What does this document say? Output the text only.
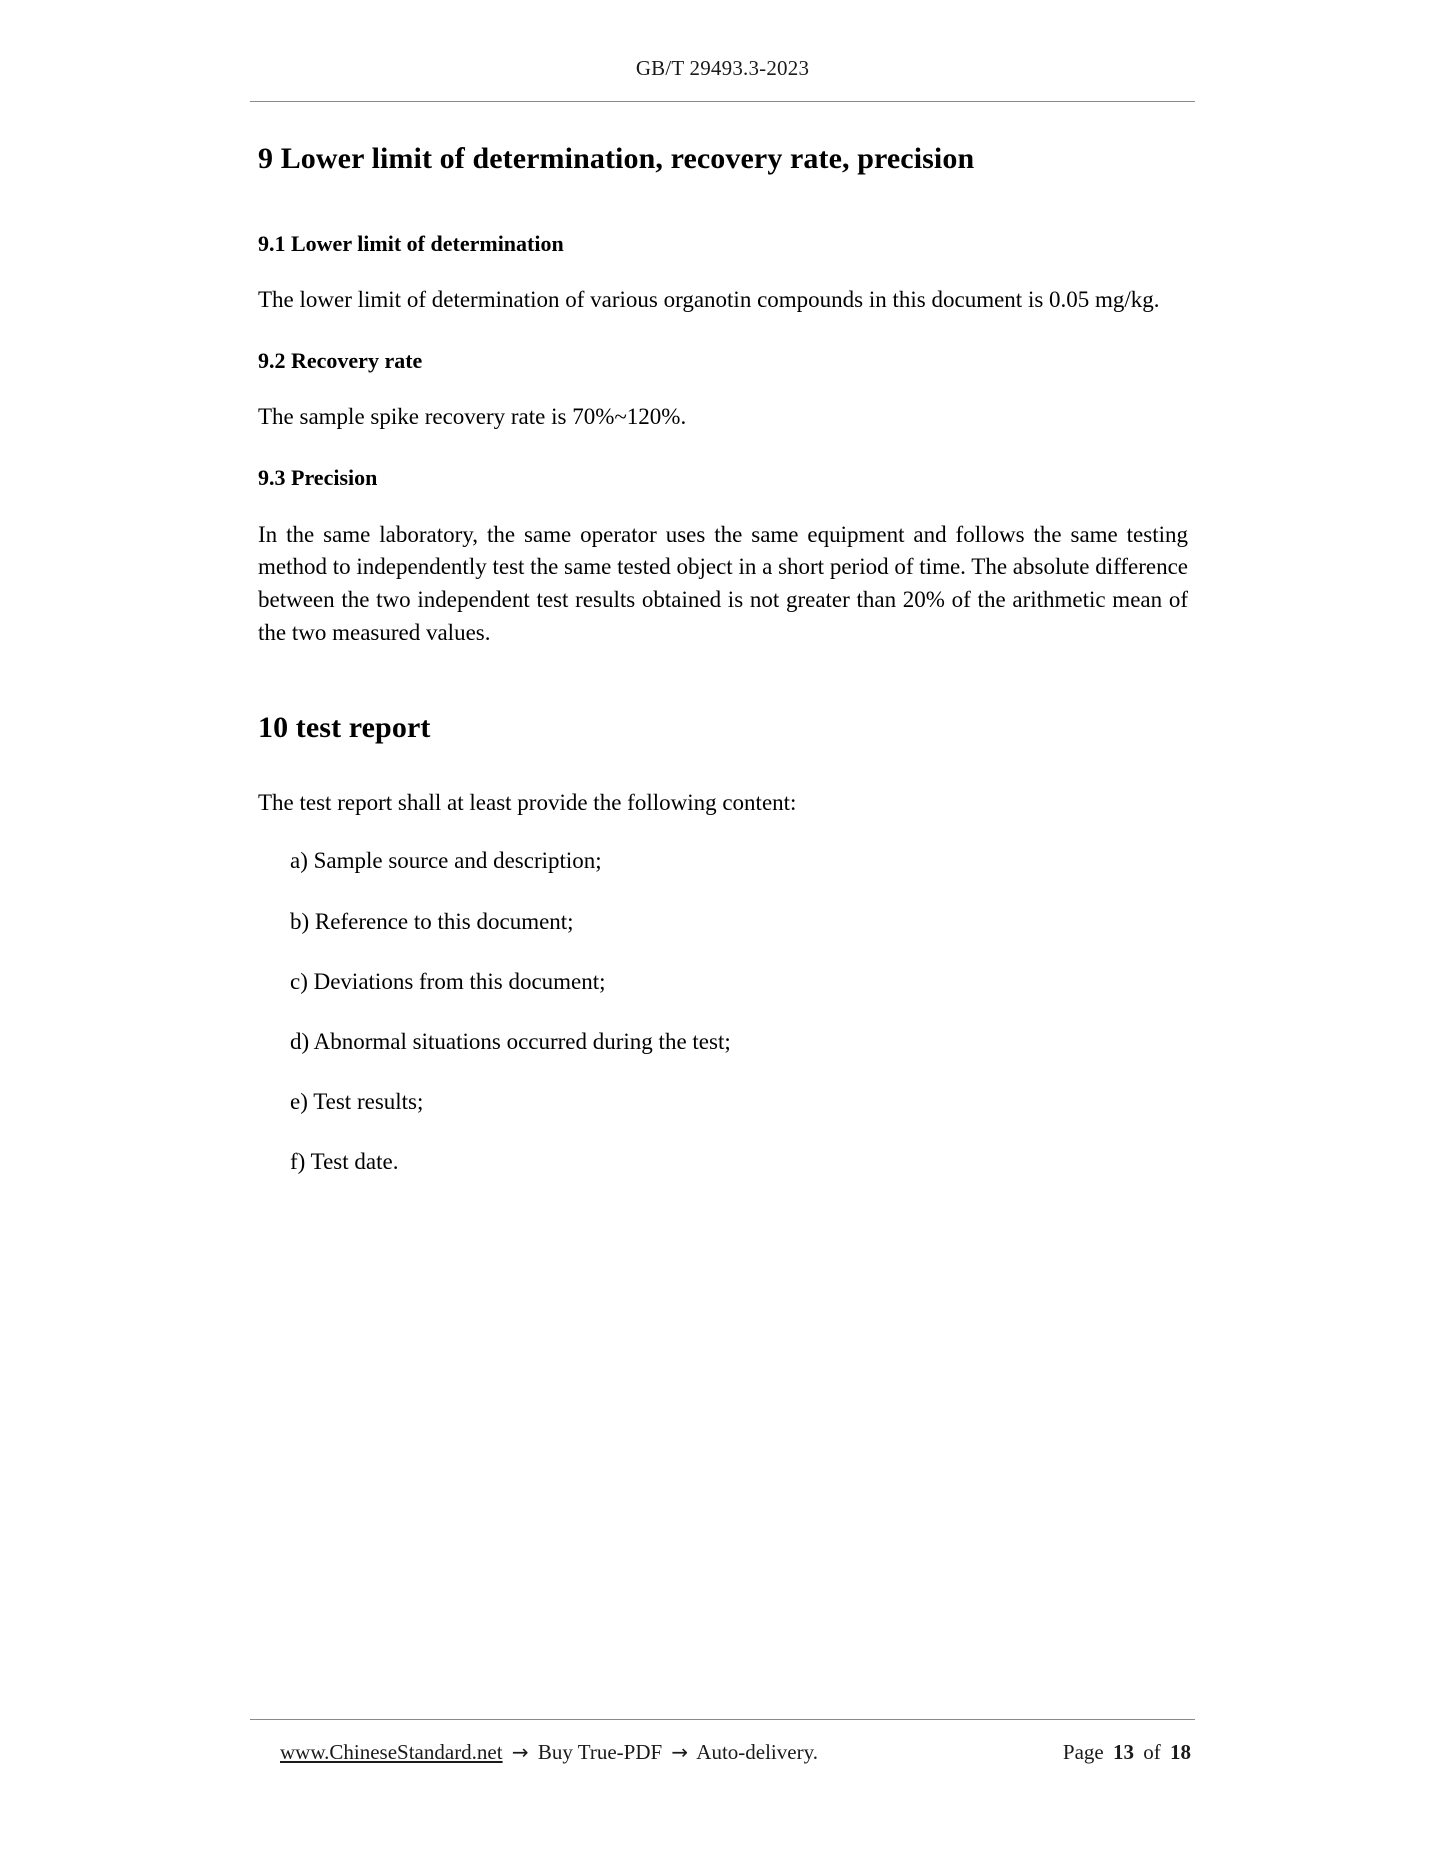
GB/T 29493.3-2023
9 Lower limit of determination, recovery rate, precision
9.1 Lower limit of determination

The lower limit of determination of various organotin compounds in this document is 0.05 mg/kg.

9.2 Recovery rate

The sample spike recovery rate is 70%~120%.

9.3 Precision

In the same laboratory, the same operator uses the same equipment and follows the same testing method to independently test the same tested object in a short period of time. The absolute difference between the two independent test results obtained is not greater than 20% of the arithmetic mean of the two measured values.

10 test report

The test report shall at least provide the following content:

a) Sample source and description;

b) Reference to this document;

c) Deviations from this document;

d) Abnormal situations occurred during the test;

e) Test results;

f) Test date.

www.ChineseStandard.net → Buy True-PDF → Auto-delivery.	Page 13 of 18
